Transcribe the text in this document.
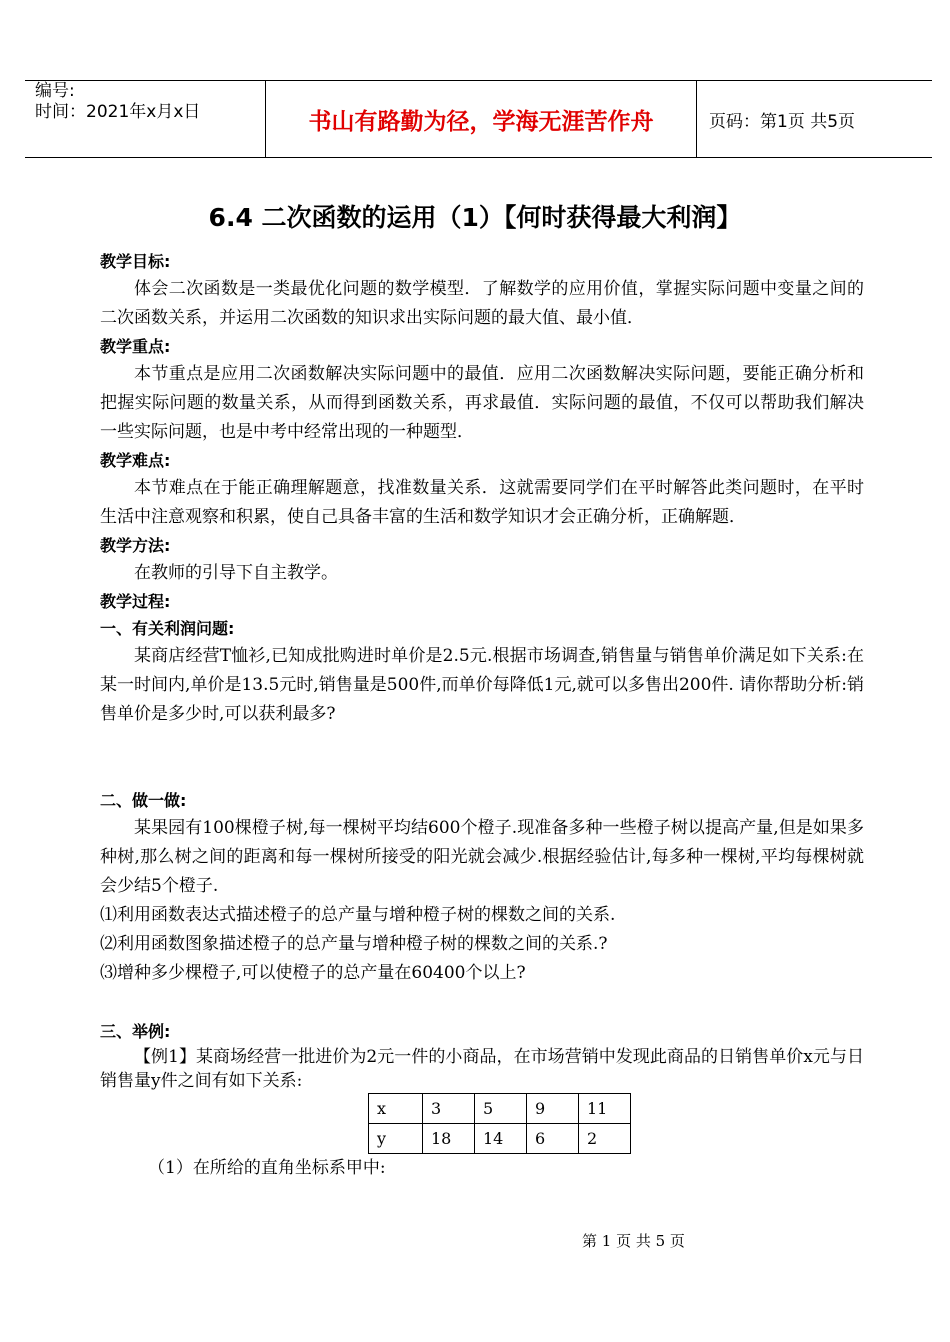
编号:
时间：2021年x月x日	书山有路勤为径，学海无涯苦作舟	页码：第1页 共5页
6.4 二次函数的运用（1）【何时获得最大利润】
教学目标:

体会二次函数是一类最优化问题的数学模型．了解数学的应用价值，掌握实际问题中变量之间的二次函数关系，并运用二次函数的知识求出实际问题的最大值、最小值．

教学重点:

本节重点是应用二次函数解决实际问题中的最值．应用二次函数解决实际问题，要能正确分析和把握实际问题的数量关系，从而得到函数关系，再求最值．实际问题的最值，不仅可以帮助我们解决一些实际问题，也是中考中经常出现的一种题型．

教学难点:

本节难点在于能正确理解题意，找准数量关系．这就需要同学们在平时解答此类问题时，在平时生活中注意观察和积累，使自己具备丰富的生活和数学知识才会正确分析，正确解题．

教学方法:

在教师的引导下自主教学。

教学过程:
一、有关利润问题:

某商店经营T恤衫,已知成批购进时单价是2.5元.根据市场调查,销售量与销售单价满足如下关系:在某一时间内,单价是13.5元时,销售量是500件,而单价每降低1元,就可以多售出200件. 请你帮助分析:销售单价是多少时,可以获利最多?

二、做一做:

某果园有100棵橙子树,每一棵树平均结600个橙子.现准备多种一些橙子树以提高产量,但是如果多种树,那么树之间的距离和每一棵树所接受的阳光就会减少.根据经验估计,每多种一棵树,平均每棵树就会少结5个橙子.

⑴利用函数表达式描述橙子的总产量与增种橙子树的棵数之间的关系.

⑵利用函数图象描述橙子的总产量与增种橙子树的棵数之间的关系.?

⑶增种多少棵橙子,可以使橙子的总产量在60400个以上?

三、举例:

【例1】某商场经营一批进价为2元一件的小商品，在市场营销中发现此商品的日销售单价x元与日销售量y件之间有如下关系:

x	3	5	9	11
y	18	14	6	2

（1）在所给的直角坐标系甲中:

第 1 页 共 5 页
